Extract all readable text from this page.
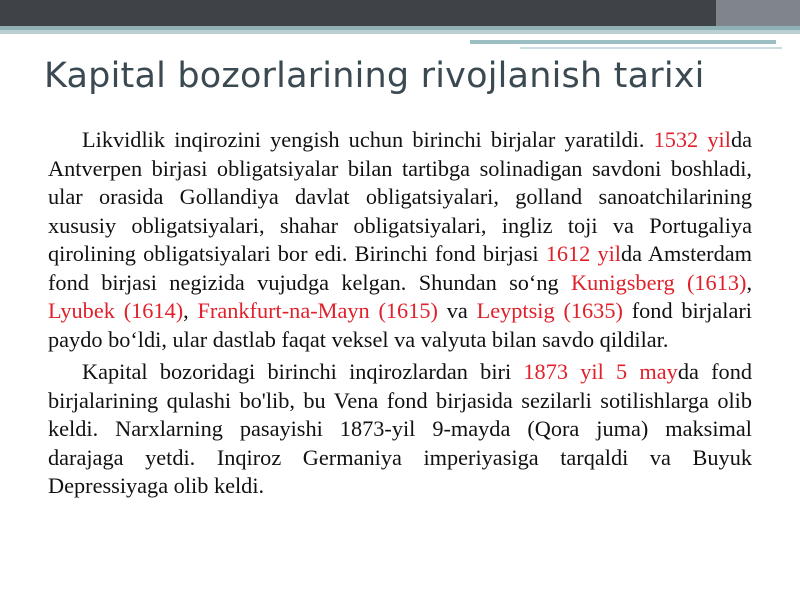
Kapital bozorlarining rivojlanish tarixi

Likvidlik inqirozini yengish uchun birinchi birjalar yaratildi. 1532 yilda Antverpen birjasi obligatsiyalar bilan tartibga solinadigan savdoni boshladi, ular orasida Gollandiya davlat obligatsiyalari, golland sanoatchilarining xususiy obligatsiyalari, shahar obligatsiyalari, ingliz toji va Portugaliya qirolining obligatsiyalari bor edi. Birinchi fond birjasi 1612 yilda Amsterdam fond birjasi negizida vujudga kelgan. Shundan so‘ng Kunigsberg (1613), Lyubek (1614), Frankfurt-na-Mayn (1615) va Leyptsig (1635) fond birjalari paydo bo‘ldi, ular dastlab faqat veksel va valyuta bilan savdo qildilar.

Kapital bozoridagi birinchi inqirozlardan biri 1873 yil 5 mayda fond birjalarining qulashi bo'lib, bu Vena fond birjasida sezilarli sotilishlarga olib keldi. Narxlarning pasayishi 1873-yil 9-mayda (Qora juma) maksimal darajaga yetdi. Inqiroz Germaniya imperiyasiga tarqaldi va Buyuk Depressiyaga olib keldi.
